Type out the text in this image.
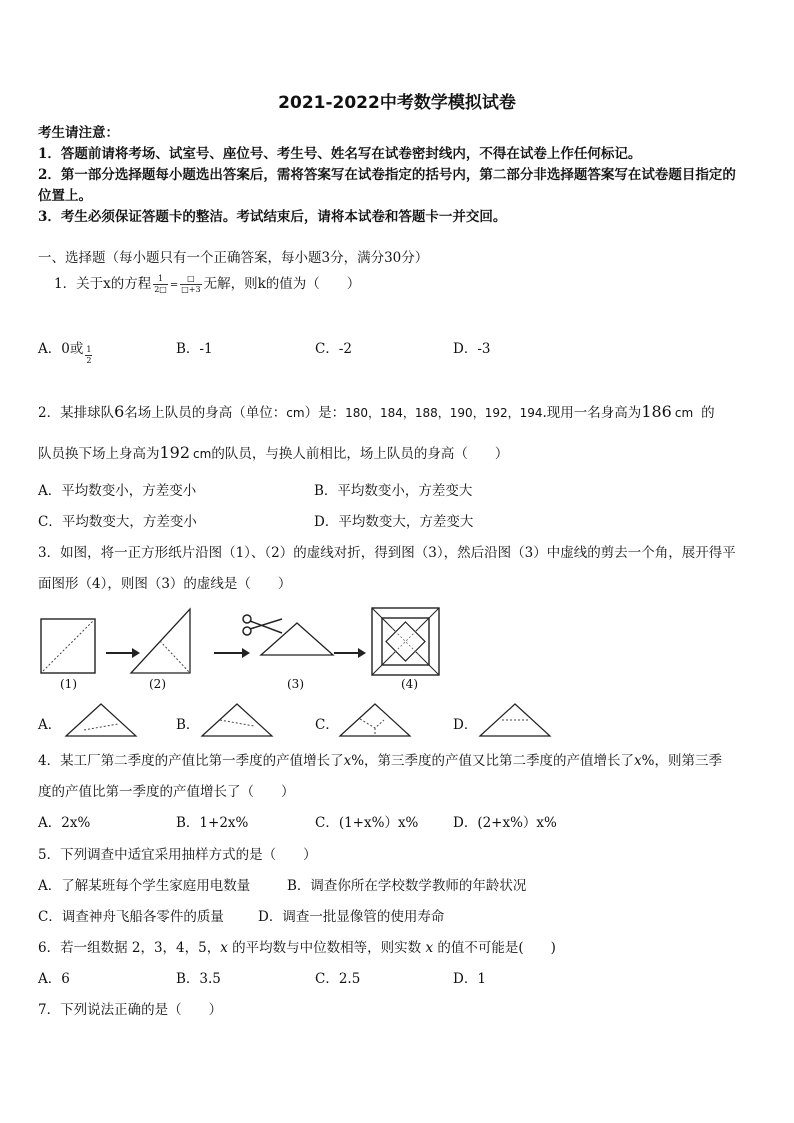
2021-2022中考数学模拟试卷
考生请注意：
1．答题前请将考场、试室号、座位号、考生号、姓名写在试卷密封线内，不得在试卷上作任何标记。
2．第一部分选择题每小题选出答案后，需将答案写在试卷指定的括号内，第二部分非选择题答案写在试卷题目指定的
位置上。
3．考生必须保证答题卡的整洁。考试结束后，请将本试卷和答题卡一并交回。
一、选择题（每小题只有一个正确答案，每小题3分，满分30分）
1．关于x的方程 $\frac{1}{2□} = \frac{□}{□+3}$ 无解，则k的值为（　　）
A．0或 $\frac{1}{2}$	B．-1	C．-2	D．-3
2．某排球队6名场上队员的身高（单位：cm）是：180，184，188，190，192，194.现用一名身高为186 cm 的
队员换下场上身高为192 cm的队员，与换人前相比，场上队员的身高（　　）
A．平均数变小，方差变小	B．平均数变小，方差变大
C．平均数变大，方差变小	D．平均数变大，方差变大
3．如图，将一正方形纸片沿图（1）、（2）的虚线对折，得到图（3），然后沿图（3）中虚线的剪去一个角，展开得平
面图形（4），则图（3）的虚线是（　　）
(1)	(2)	(3)	(4)
A．	B．	C．	D．
4．某工厂第二季度的产值比第一季度的产值增长了x%，第三季度的产值又比第二季度的产值增长了x%，则第三季
度的产值比第一季度的产值增长了（　　）
A．2x%	B．1+2x%	C．(1+x%）x%	D．(2+x%）x%
5．下列调查中适宜采用抽样方式的是（　　）
A．了解某班每个学生家庭用电数量	B．调查你所在学校数学教师的年龄状况
C．调查神舟飞船各零件的质量	D．调查一批显像管的使用寿命
6．若一组数据 2，3，4，5，x 的平均数与中位数相等，则实数 x 的值不可能是(　　)
A．6	B．3.5	C．2.5	D．1
7．下列说法正确的是（　　）
